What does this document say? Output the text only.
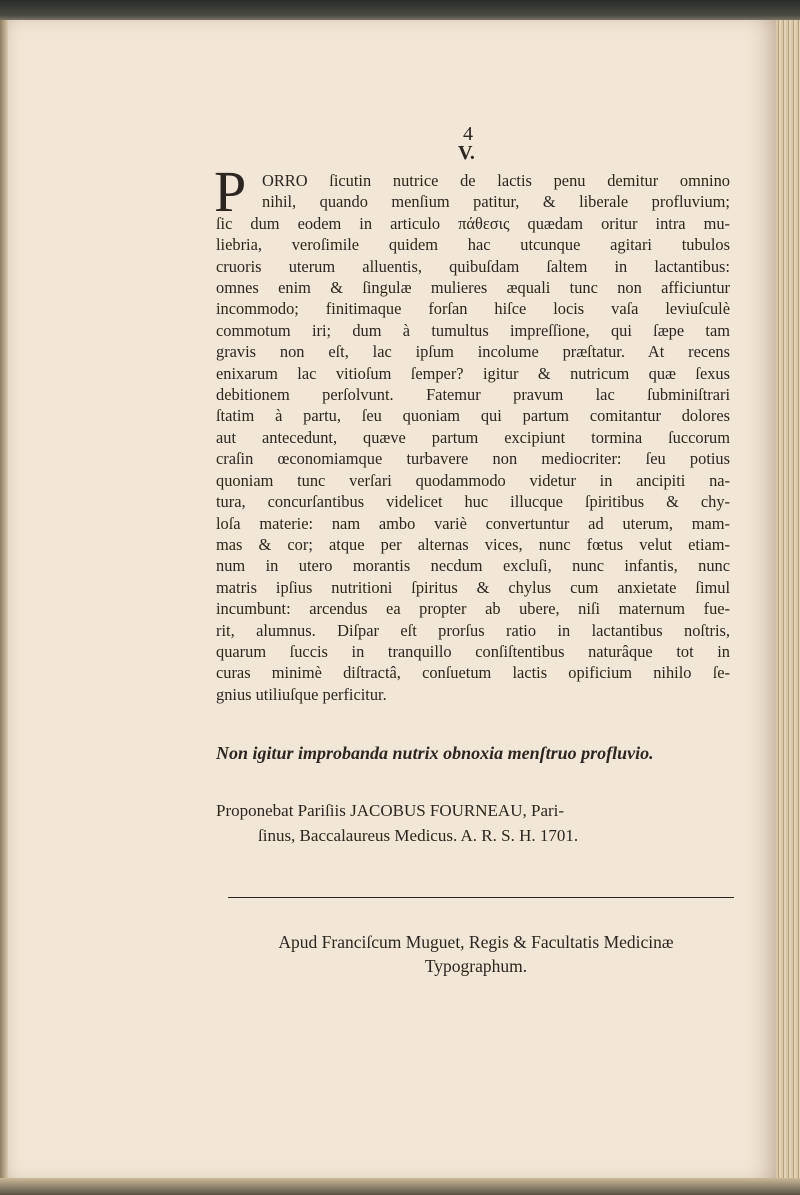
4
V.
P ORRO ſicutin nutrice de lactis penu demitur omnino
nihil, quando menſium patitur, & liberale profluvium;
ſic dum eodem in articulo πάθεσις quædam oritur intra mu-
liebria, veroſimile quidem hac utcunque agitari tubulos
cruoris uterum alluentis, quibuſdam ſaltem in lactantibus:
omnes enim & ſingulæ mulieres æquali tunc non afficiuntur
incommodo; finitimaque forſan hiſce locis vaſa leviuſculè
commotum iri; dum à tumultus impreſſione, qui ſæpe tam
gravis non eſt, lac ipſum incolume præſtatur. At recens
enixarum lac vitioſum ſemper? igitur & nutricum quæ ſexus
debitionem perſolvunt. Fatemur pravum lac ſubminiſtrari
ſtatim à partu, ſeu quoniam qui partum comitantur dolores
aut antecedunt, quæve partum excipiunt tormina ſuccorum
craſin œconomiamque turbavere non mediocriter: ſeu potius
quoniam tunc verſari quodammodo videtur in ancipiti na-
tura, concurſantibus videlicet huc illucque ſpiritibus & chy-
loſa materie: nam ambo variè convertuntur ad uterum, mam-
mas & cor; atque per alternas vices, nunc fœtus velut etiam-
num in utero morantis necdum excluſi, nunc infantis, nunc
matris ipſius nutritioni ſpiritus & chylus cum anxietate ſimul
incumbunt: arcendus ea propter ab ubere, niſi maternum fue-
rit, alumnus. Diſpar eſt prorſus ratio in lactantibus noſtris,
quarum ſuccis in tranquillo conſiſtentibus naturâque tot in
curas minimè diſtractâ, conſuetum lactis opificium nihilo ſe-
gnius utiliuſque perficitur.
Non igitur improbanda nutrix obnoxia menſtruo profluvio.
Proponebat Pariſiis JACOBUS FOURNEAU, Pari-
ſinus, Baccalaureus Medicus. A. R. S. H. 1701.
Apud Franciſcum Muguet, Regis & Facultatis Medicinæ
Typographum.
